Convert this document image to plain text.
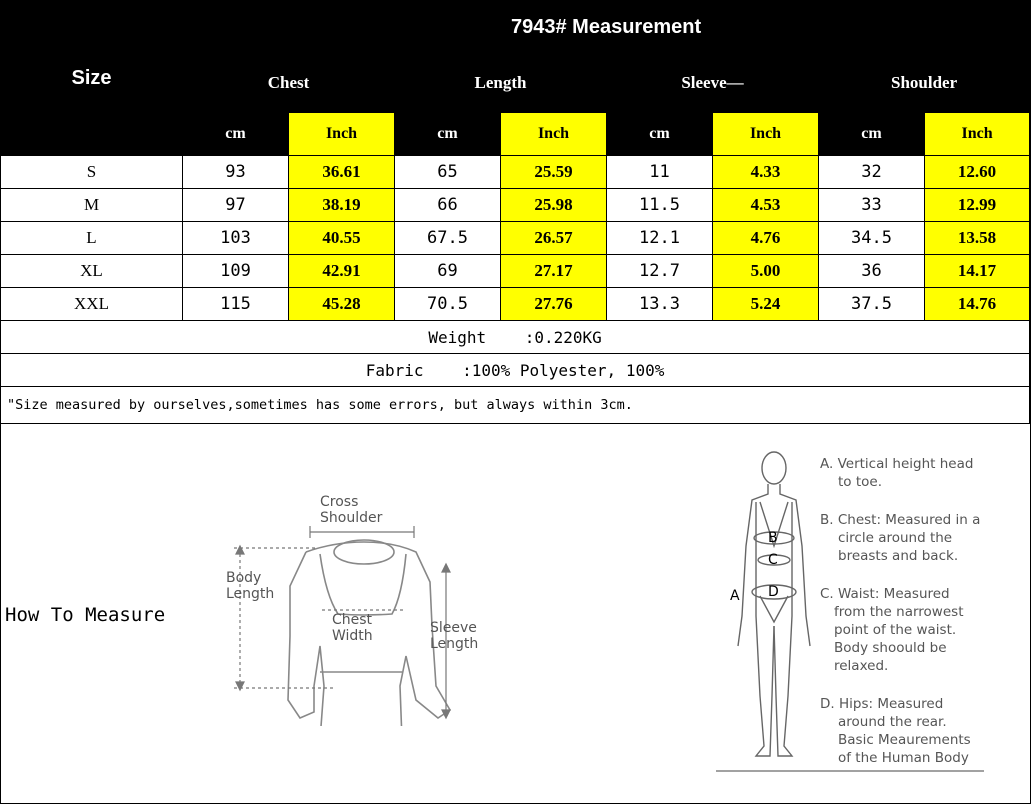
Size	7943# Measurement							
	Chest		Length		Sleeve—		Shoulder	
	cm	Inch	cm	Inch	cm	Inch	cm	Inch
S	93	36.61	65	25.59	11	4.33	32	12.60
M	97	38.19	66	25.98	11.5	4.53	33	12.99
L	103	40.55	67.5	26.57	12.1	4.76	34.5	13.58
XL	109	42.91	69	27.17	12.7	5.00	36	14.17
XXL	115	45.28	70.5	27.76	13.3	5.24	37.5	14.76
Weight    :0.220KG								
Fabric    :100% Polyester, 100%								
"Size measured by ourselves,sometimes has some errors, but always within 3cm.								
How To Measure
Cross
Shoulder
Body
Length
Chest
Width	Sleeve
Length
B
C
D
A
A. Vertical height head
to toe.
B. Chest: Measured in a
circle around the
breasts and back.
C. Waist: Measured
from the narrowest
point of the waist.
Body shoould be
relaxed.
D. Hips: Measured
around the rear.
Basic Meaurements
of the Human Body
